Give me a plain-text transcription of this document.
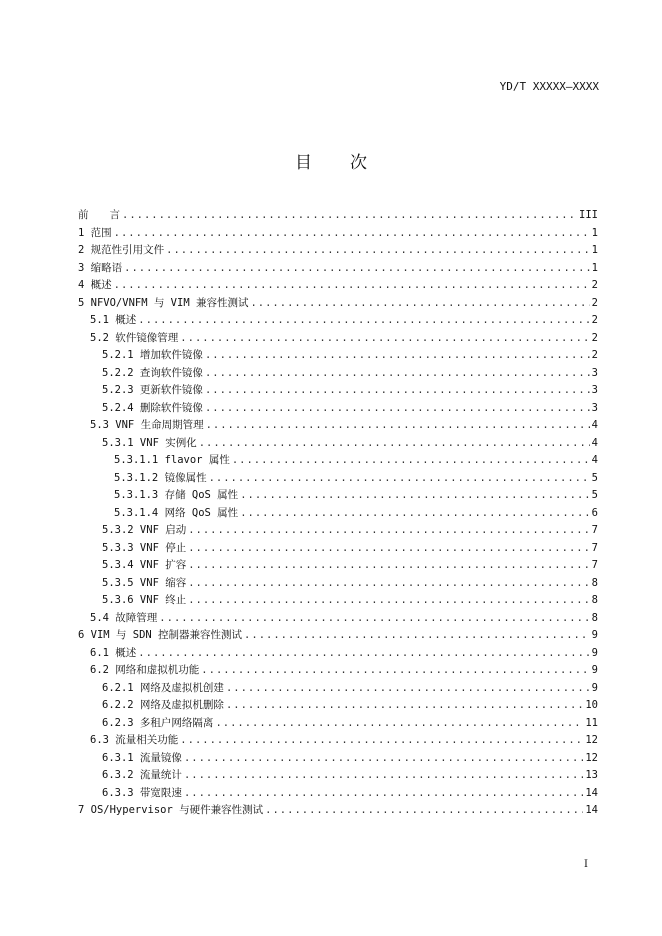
YD/T XXXXX—XXXX
目 次
前　　言 .....	III
1 范围 .....	1
2 规范性引用文件 .....	1
3 缩略语 .....	1
4 概述 .....	2
5 NFVO/VNFM 与 VIM 兼容性测试 .....	2
5.1 概述 .....	2
5.2 软件镜像管理 .....	2
5.2.1 增加软件镜像 .....	2
5.2.2 查询软件镜像 .....	3
5.2.3 更新软件镜像 .....	3
5.2.4 删除软件镜像 .....	3
5.3 VNF 生命周期管理 .....	4
5.3.1 VNF 实例化 .....	4
5.3.1.1 flavor 属性 .....	4
5.3.1.2 镜像属性 .....	5
5.3.1.3 存储 QoS 属性 .....	5
5.3.1.4 网络 QoS 属性 .....	6
5.3.2 VNF 启动 .....	7
5.3.3 VNF 停止 .....	7
5.3.4 VNF 扩容 .....	7
5.3.5 VNF 缩容 .....	8
5.3.6 VNF 终止 .....	8
5.4 故障管理 .....	8
6 VIM 与 SDN 控制器兼容性测试 .....	9
6.1 概述 .....	9
6.2 网络和虚拟机功能 .....	9
6.2.1 网络及虚拟机创建 .....	9
6.2.2 网络及虚拟机删除 .....	10
6.2.3 多租户网络隔离 .....	11
6.3 流量相关功能 .....	12
6.3.1 流量镜像 .....	12
6.3.2 流量统计 .....	13
6.3.3 带宽限速 .....	14
7 OS/Hypervisor 与硬件兼容性测试 .....	14
I
